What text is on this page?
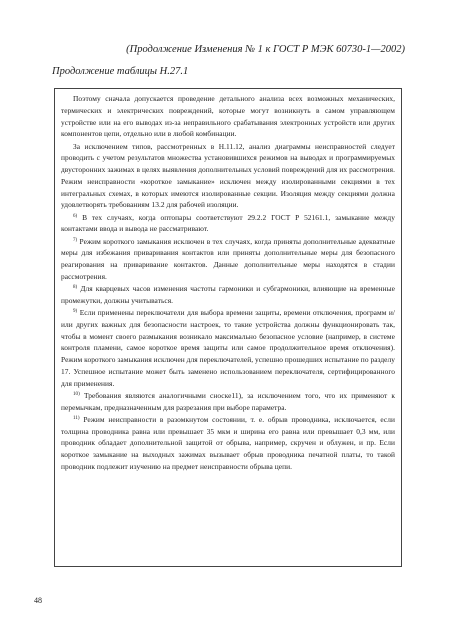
(Продолжение Изменения № 1 к ГОСТ Р МЭК 60730-1—2002)
Продолжение таблицы Н.27.1

Поэтому сначала допускается проведение детального анализа всех возможных механических, термических и электрических повреждений, которые могут возникнуть в самом управляющем устройстве или на его выводах из-за неправильного срабатывания электронных устройств или других компонентов цепи, отдельно или в любой комбинации.

За исключением типов, рассмотренных в Н.11.12, анализ диаграммы неисправностей следует проводить с учетом результатов множества установившихся режимов на выводах и программируемых двусторонних зажимах в целях выявления дополнительных условий повреждений для их рассмотрения. Режим неисправности «короткое замыкание» исключен между изолированными секциями в тех интегральных схемах, в которых имеются изолированные секции. Изоляция между секциями должна удовлетворять требованиям 13.2 для рабочей изоляции.

$^{6)}$ В тех случаях, когда оптопары соответствуют 29.2.2 ГОСТ Р 52161.1, замыкание между контактами ввода и вывода не рассматривают.

$^{7)}$ Режим короткого замыкания исключен в тех случаях, когда приняты дополнительные адекватные меры для избежания приваривания контактов или приняты дополнительные меры для безопасного реагирования на приваривание контактов. Данные дополнительные меры находятся в стадии рассмотрения.

$^{8)}$ Для кварцевых часов изменения частоты гармоники и субгармоники, влияющие на временные промежутки, должны учитываться.

$^{9)}$ Если применены переключатели для выбора времени защиты, времени отключения, программ и/или других важных для безопасности настроек, то такие устройства должны функционировать так, чтобы в момент своего размыкания возникало максимально безопасное условие (например, в системе контроля пламени, самое короткое время защиты или самое продолжительное время отключения). Режим короткого замыкания исключен для переключателей, успешно прошедших испытание по разделу 17. Успешное испытание может быть заменено использованием переключателя, сертифицированного для применения.

$^{10)}$ Требования являются аналогичными сноске11), за исключением того, что их применяют к перемычкам, предназначенным для разрезания при выборе параметра.

$^{11)}$ Режим неисправности в разомкнутом состоянии, т. е. обрыв проводника, исключается, если толщина проводника равна или превышает 35 мкм и ширина его равна или превышает 0,3 мм, или проводник обладает дополнительной защитой от обрыва, например, скручен и облужен, и пр. Если короткое замыкание на выходных зажимах вызывает обрыв проводника печатной платы, то такой проводник подлежит изучению на предмет неисправности обрыва цепи.

48
